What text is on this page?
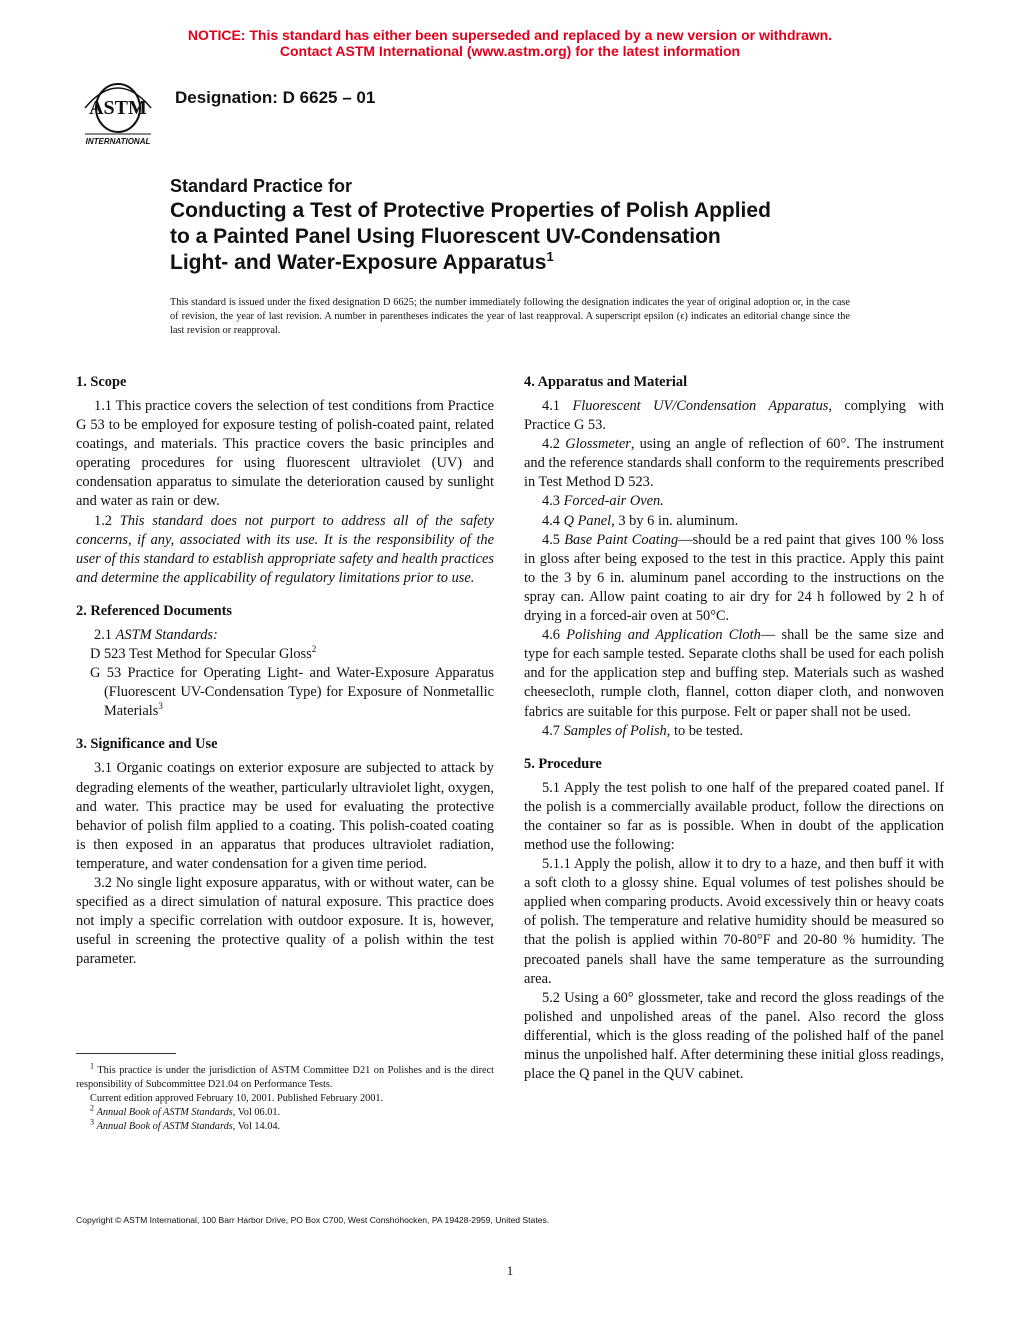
NOTICE: This standard has either been superseded and replaced by a new version or withdrawn.
Contact ASTM International (www.astm.org) for the latest information
ASTM
INTERNATIONAL
Designation: D 6625 – 01
Standard Practice for
Conducting a Test of Protective Properties of Polish Applied
to a Painted Panel Using Fluorescent UV-Condensation
Light- and Water-Exposure Apparatus$^1$
This standard is issued under the fixed designation D 6625; the number immediately following the designation indicates the year of original adoption or, in the case of revision, the year of last revision. A number in parentheses indicates the year of last reapproval. A superscript epsilon (ϵ) indicates an editorial change since the last revision or reapproval.
1. Scope

1.1 This practice covers the selection of test conditions from Practice G 53 to be employed for exposure testing of polish-coated paint, related coatings, and materials. This practice covers the basic principles and operating procedures for using fluorescent ultraviolet (UV) and condensation apparatus to simulate the deterioration caused by sunlight and water as rain or dew.

1.2 This standard does not purport to address all of the safety concerns, if any, associated with its use. It is the responsibility of the user of this standard to establish appropriate safety and health practices and determine the applicability of regulatory limitations prior to use.

2. Referenced Documents

2.1 ASTM Standards:

D 523 Test Method for Specular Gloss$^2$

G 53 Practice for Operating Light- and Water-Exposure Apparatus (Fluorescent UV-Condensation Type) for Exposure of Nonmetallic Materials$^3$

3. Significance and Use

3.1 Organic coatings on exterior exposure are subjected to attack by degrading elements of the weather, particularly ultraviolet light, oxygen, and water. This practice may be used for evaluating the protective behavior of polish film applied to a coating. This polish-coated coating is then exposed in an apparatus that produces ultraviolet radiation, temperature, and water condensation for a given time period.

3.2 No single light exposure apparatus, with or without water, can be specified as a direct simulation of natural exposure. This practice does not imply a specific correlation with outdoor exposure. It is, however, useful in screening the protective quality of a polish within the test parameter.

$^1$ This practice is under the jurisdiction of ASTM Committee D21 on Polishes and is the direct responsibility of Subcommittee D21.04 on Performance Tests.

Current edition approved February 10, 2001. Published February 2001.

$^2$ Annual Book of ASTM Standards, Vol 06.01.

$^3$ Annual Book of ASTM Standards, Vol 14.04.

4. Apparatus and Material

4.1 Fluorescent UV/Condensation Apparatus, complying with Practice G 53.

4.2 Glossmeter, using an angle of reflection of 60°. The instrument and the reference standards shall conform to the requirements prescribed in Test Method D 523.

4.3 Forced-air Oven.

4.4 Q Panel, 3 by 6 in. aluminum.

4.5 Base Paint Coating—should be a red paint that gives 100 % loss in gloss after being exposed to the test in this practice. Apply this paint to the 3 by 6 in. aluminum panel according to the instructions on the spray can. Allow paint coating to air dry for 24 h followed by 2 h of drying in a forced-air oven at 50°C.

4.6 Polishing and Application Cloth— shall be the same size and type for each sample tested. Separate cloths shall be used for each polish and for the application step and buffing step. Materials such as washed cheesecloth, rumple cloth, flannel, cotton diaper cloth, and nonwoven fabrics are suitable for this purpose. Felt or paper shall not be used.

4.7 Samples of Polish, to be tested.

5. Procedure

5.1 Apply the test polish to one half of the prepared coated panel. If the polish is a commercially available product, follow the directions on the container so far as is possible. When in doubt of the application method use the following:

5.1.1 Apply the polish, allow it to dry to a haze, and then buff it with a soft cloth to a glossy shine. Equal volumes of test polishes should be applied when comparing products. Avoid excessively thin or heavy coats of polish. The temperature and relative humidity should be measured so that the polish is applied within 70-80°F and 20-80 % humidity. The precoated panels shall have the same temperature as the surrounding area.

5.2 Using a 60° glossmeter, take and record the gloss readings of the polished and unpolished areas of the panel. Also record the gloss differential, which is the gloss reading of the polished half of the panel minus the unpolished half. After determining these initial gloss readings, place the Q panel in the QUV cabinet.

Copyright © ASTM International, 100 Barr Harbor Drive, PO Box C700, West Conshohocken, PA 19428-2959, United States.
1
